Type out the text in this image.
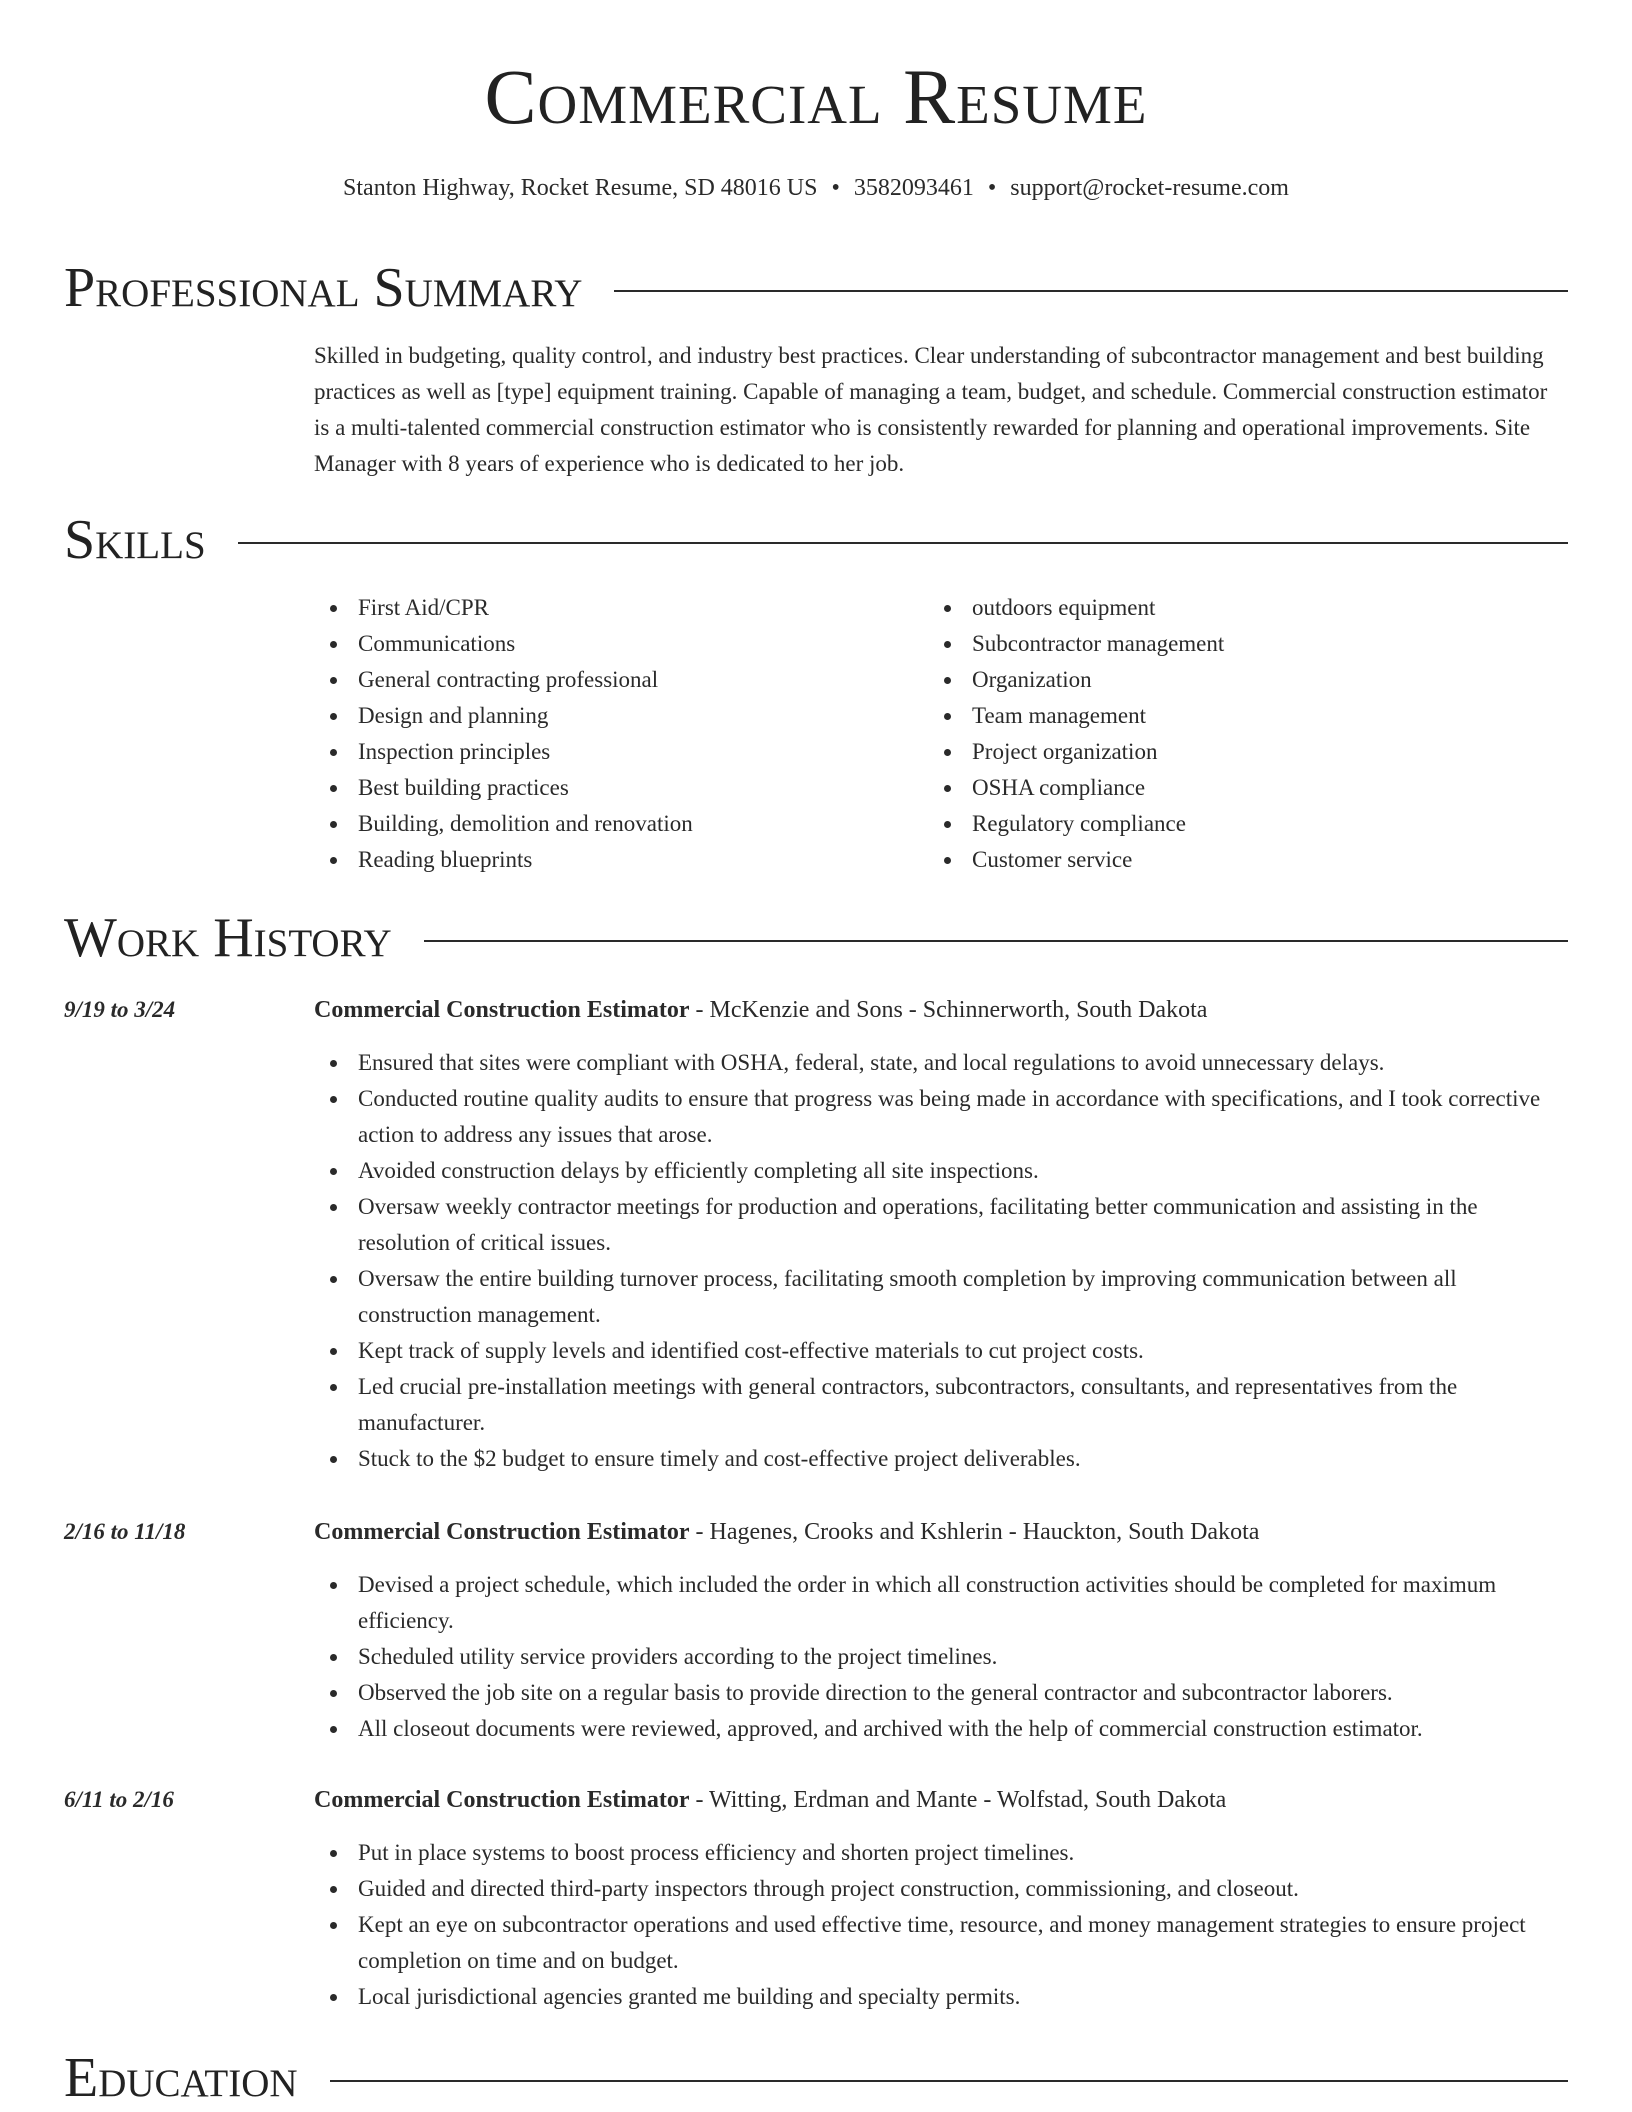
Commercial Resume
Stanton Highway, Rocket Resume, SD 48016 US • 3582093461 • support@rocket-resume.com
Professional Summary

Skilled in budgeting, quality control, and industry best practices. Clear understanding of subcontractor management and best building practices as well as [type] equipment training. Capable of managing a team, budget, and schedule. Commercial construction estimator is a multi-talented commercial construction estimator who is consistently rewarded for planning and operational improvements. Site Manager with 8 years of experience who is dedicated to her job.

Skills
First Aid/CPR
Communications
General contracting professional
Design and planning
Inspection principles
Best building practices
Building, demolition and renovation
Reading blueprints
outdoors equipment
Subcontractor management
Organization
Team management
Project organization
OSHA compliance
Regulatory compliance
Customer service
Work History
9/19 to 3/24	Commercial Construction Estimator - McKenzie and Sons - Schinnerworth, South Dakota
Ensured that sites were compliant with OSHA, federal, state, and local regulations to avoid unnecessary delays.
Conducted routine quality audits to ensure that progress was being made in accordance with specifications, and I took corrective action to address any issues that arose.
Avoided construction delays by efficiently completing all site inspections.
Oversaw weekly contractor meetings for production and operations, facilitating better communication and assisting in the resolution of critical issues.
Oversaw the entire building turnover process, facilitating smooth completion by improving communication between all construction management.
Kept track of supply levels and identified cost-effective materials to cut project costs.
Led crucial pre-installation meetings with general contractors, subcontractors, consultants, and representatives from the manufacturer.
Stuck to the $2 budget to ensure timely and cost-effective project deliverables.
2/16 to 11/18	Commercial Construction Estimator - Hagenes, Crooks and Kshlerin - Hauckton, South Dakota
Devised a project schedule, which included the order in which all construction activities should be completed for maximum efficiency.
Scheduled utility service providers according to the project timelines.
Observed the job site on a regular basis to provide direction to the general contractor and subcontractor laborers.
All closeout documents were reviewed, approved, and archived with the help of commercial construction estimator.
6/11 to 2/16	Commercial Construction Estimator - Witting, Erdman and Mante - Wolfstad, South Dakota
Put in place systems to boost process efficiency and shorten project timelines.
Guided and directed third-party inspectors through project construction, commissioning, and closeout.
Kept an eye on subcontractor operations and used effective time, resource, and money management strategies to ensure project completion on time and on budget.
Local jurisdictional agencies granted me building and specialty permits.
Education
